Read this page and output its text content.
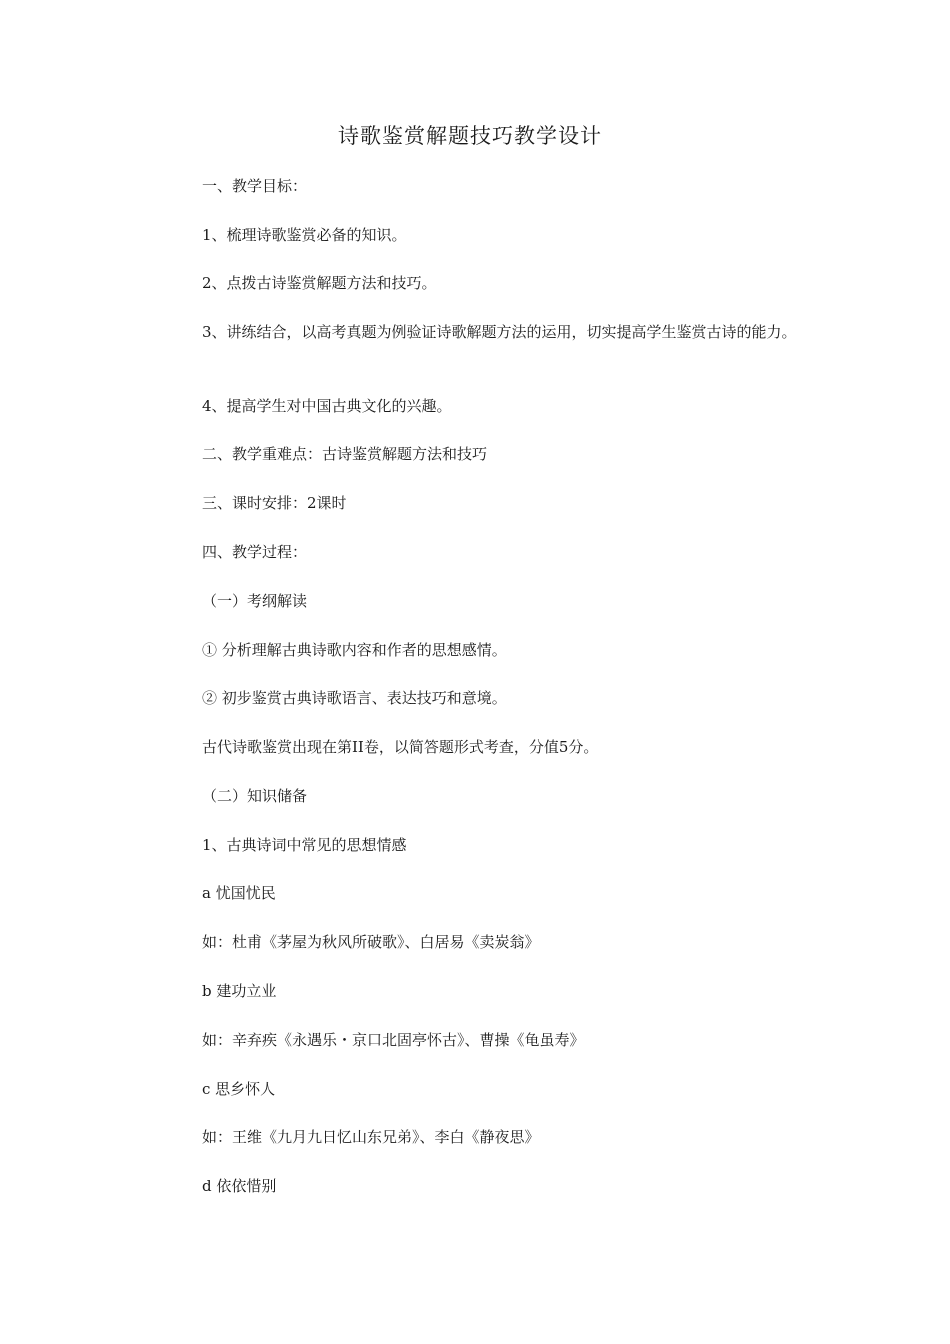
诗歌鉴赏解题技巧教学设计

一、教学目标：

1、梳理诗歌鉴赏必备的知识。

2、点拨古诗鉴赏解题方法和技巧。

3、讲练结合，以高考真题为例验证诗歌解题方法的运用，切实提高学生鉴赏古诗的能力。

4、提高学生对中国古典文化的兴趣。

二、教学重难点：古诗鉴赏解题方法和技巧

三、课时安排：2课时

四、教学过程：

（一）考纲解读

① 分析理解古典诗歌内容和作者的思想感情。

② 初步鉴赏古典诗歌语言、表达技巧和意境。

古代诗歌鉴赏出现在第II卷，以简答题形式考查，分值5分。

（二）知识储备

1、古典诗词中常见的思想情感

a 忧国忧民

如：杜甫《茅屋为秋风所破歌》、白居易《卖炭翁》

b 建功立业

如：辛弃疾《永遇乐・京口北固亭怀古》、曹操《龟虽寿》

c 思乡怀人

如：王维《九月九日忆山东兄弟》、李白《静夜思》

d 依依惜别
